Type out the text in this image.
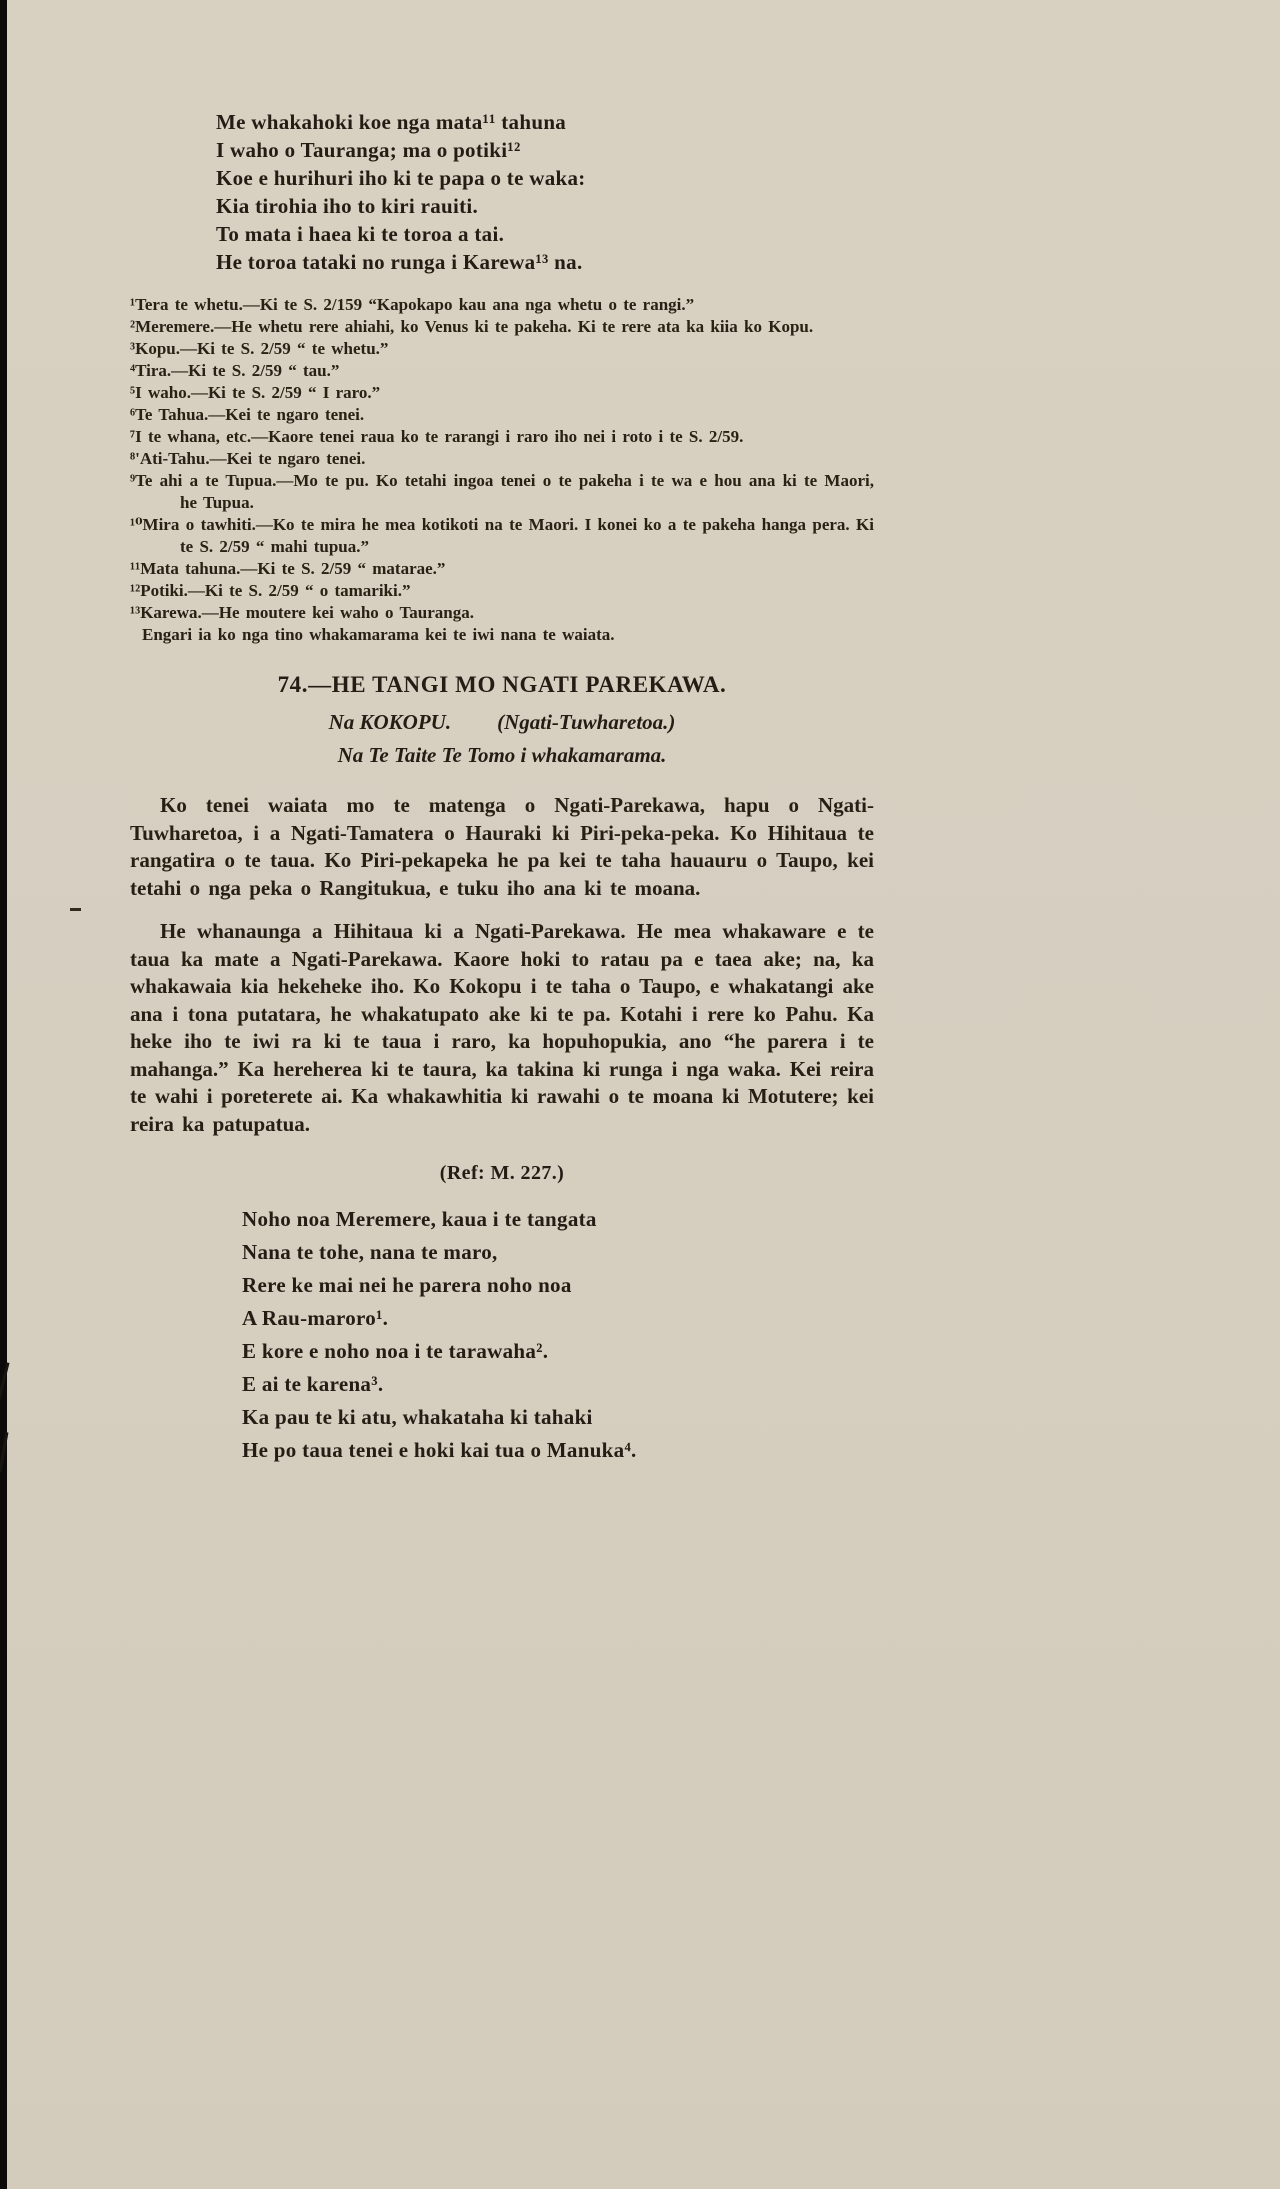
Me whakahoki koe nga mata¹¹ tahuna
I waho o Tauranga; ma o potiki¹²
Koe e hurihuri iho ki te papa o te waka:
Kia tirohia iho to kiri rauiti.
To mata i haea ki te toroa a tai.
He toroa tataki no runga i Karewa¹³ na.
¹Tera te whetu.—Ki te S. 2/159 “Kapokapo kau ana nga whetu o te rangi.”
²Meremere.—He whetu rere ahiahi, ko Venus ki te pakeha. Ki te rere ata ka kiia ko Kopu.
³Kopu.—Ki te S. 2/59 “ te whetu.”
⁴Tira.—Ki te S. 2/59 “ tau.”
⁵I waho.—Ki te S. 2/59 “ I raro.”
⁶Te Tahua.—Kei te ngaro tenei.
⁷I te whana, etc.—Kaore tenei raua ko te rarangi i raro iho nei i roto i te S. 2/59.
⁸'Ati-Tahu.—Kei te ngaro tenei.
⁹Te ahi a te Tupua.—Mo te pu. Ko tetahi ingoa tenei o te pakeha i te wa e hou ana ki te Maori, he Tupua.
¹⁰Mira o tawhiti.—Ko te mira he mea kotikoti na te Maori. I konei ko a te pakeha hanga pera. Ki te S. 2/59 “ mahi tupua.”
¹¹Mata tahuna.—Ki te S. 2/59 “ matarae.”
¹²Potiki.—Ki te S. 2/59 “ o tamariki.”
¹³Karewa.—He moutere kei waho o Tauranga.
Engari ia ko nga tino whakamarama kei te iwi nana te waiata.
74.—HE TANGI MO NGATI PAREKAWA.
Na KOKOPU. (Ngati-Tuwharetoa.)
Na Te Taite Te Tomo i whakamarama.

Ko tenei waiata mo te matenga o Ngati-Parekawa, hapu o Ngati-Tuwharetoa, i a Ngati-Tamatera o Hauraki ki Piri-peka-peka. Ko Hihitaua te rangatira o te taua. Ko Piri-pekapeka he pa kei te taha hauauru o Taupo, kei tetahi o nga peka o Rangitukua, e tuku iho ana ki te moana.

He whanaunga a Hihitaua ki a Ngati-Parekawa. He mea whakaware e te taua ka mate a Ngati-Parekawa. Kaore hoki to ratau pa e taea ake; na, ka whakawaia kia hekeheke iho. Ko Kokopu i te taha o Taupo, e whakatangi ake ana i tona putatara, he whakatupato ake ki te pa. Kotahi i rere ko Pahu. Ka heke iho te iwi ra ki te taua i raro, ka hopuhopukia, ano “he parera i te mahanga.” Ka hereherea ki te taura, ka takina ki runga i nga waka. Kei reira te wahi i poreterete ai. Ka whakawhitia ki rawahi o te moana ki Motutere; kei reira ka patupatua.

(Ref: M. 227.)
Noho noa Meremere, kaua i te tangata
Nana te tohe, nana te maro,
Rere ke mai nei he parera noho noa
A Rau-maroro¹.
E kore e noho noa i te tarawaha².
E ai te karena³.
Ka pau te ki atu, whakataha ki tahaki
He po taua tenei e hoki kai tua o Manuka⁴.
